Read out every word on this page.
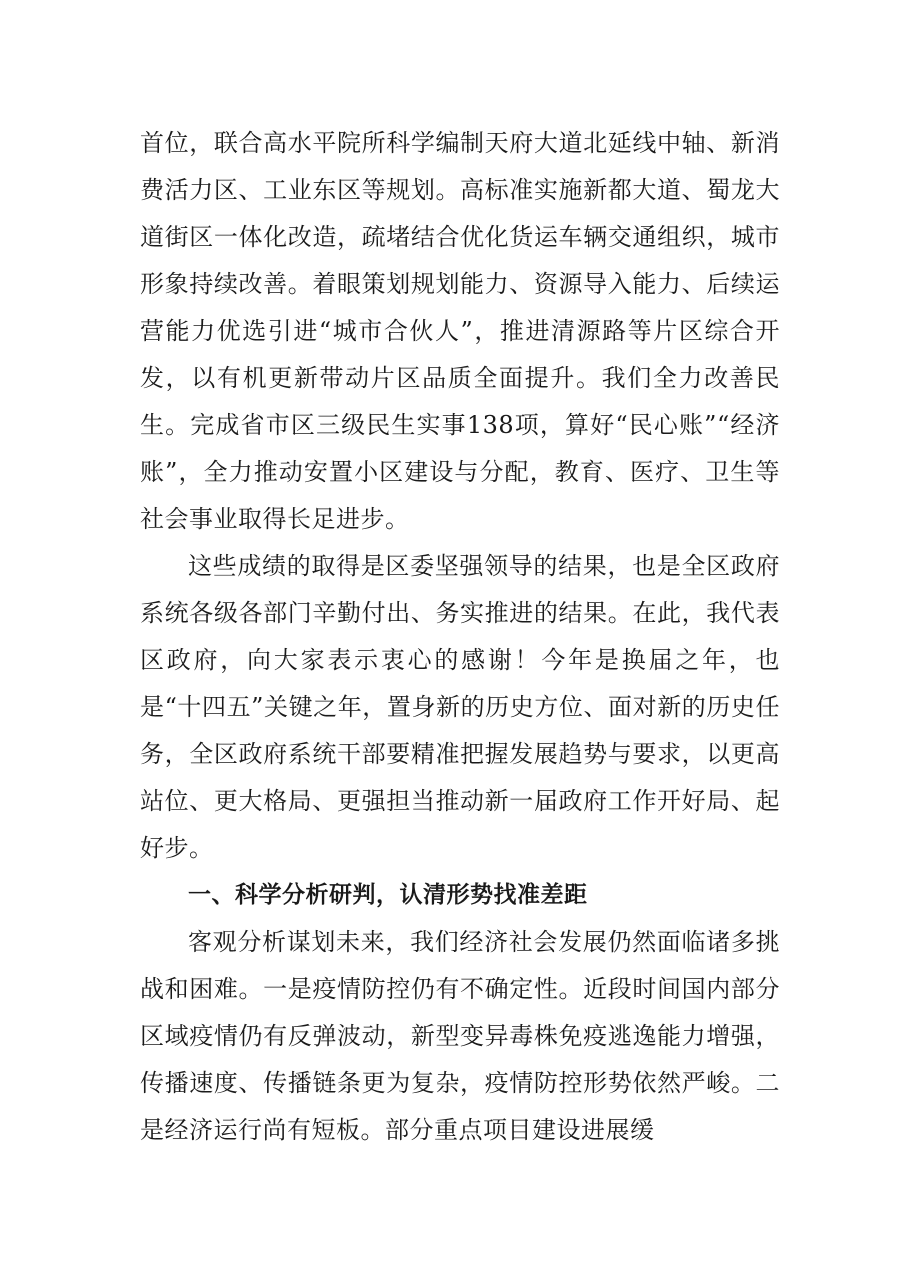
首位，联合高水平院所科学编制天府大道北延线中轴、新消费活力区、工业东区等规划。高标准实施新都大道、蜀龙大道街区一体化改造，疏堵结合优化货运车辆交通组织，城市形象持续改善。着眼策划规划能力、资源导入能力、后续运营能力优选引进“城市合伙人”，推进清源路等片区综合开发，以有机更新带动片区品质全面提升。我们全力改善民生。完成省市区三级民生实事138项，算好“民心账”“经济账”，全力推动安置小区建设与分配，教育、医疗、卫生等社会事业取得长足进步。

这些成绩的取得是区委坚强领导的结果，也是全区政府系统各级各部门辛勤付出、务实推进的结果。在此，我代表区政府，向大家表示衷心的感谢！今年是换届之年，也是“十四五”关键之年，置身新的历史方位、面对新的历史任务，全区政府系统干部要精准把握发展趋势与要求，以更高站位、更大格局、更强担当推动新一届政府工作开好局、起好步。

一、科学分析研判，认清形势找准差距

客观分析谋划未来，我们经济社会发展仍然面临诸多挑战和困难。一是疫情防控仍有不确定性。近段时间国内部分区域疫情仍有反弹波动，新型变异毒株免疫逃逸能力增强，传播速度、传播链条更为复杂，疫情防控形势依然严峻。二是经济运行尚有短板。部分重点项目建设进展缓
